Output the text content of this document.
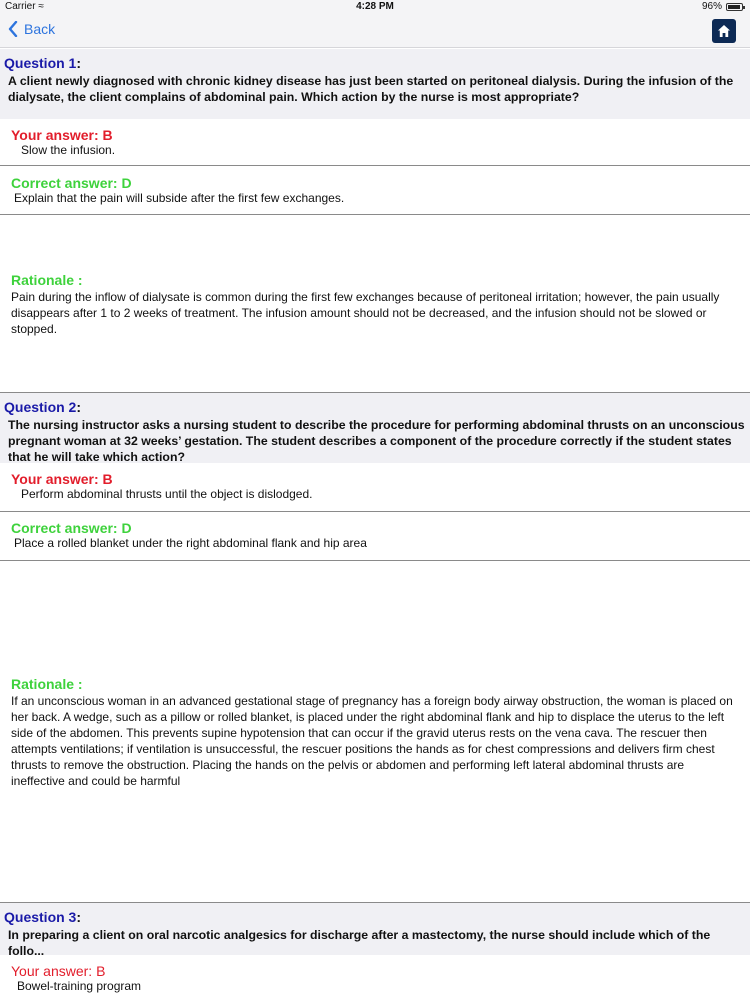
Carrier ≈	4:28 PM	96%
Back
Question 1:
A client newly diagnosed with chronic kidney disease has just been started on peritoneal dialysis. During the infusion of the dialysate, the client complains of abdominal pain. Which action by the nurse is most appropriate?
Your answer: B
Slow the infusion.
Correct answer: D
Explain that the pain will subside after the first few exchanges.
Rationale :
Pain during the inflow of dialysate is common during the first few exchanges because of peritoneal irritation; however, the pain usually disappears after 1 to 2 weeks of treatment. The infusion amount should not be decreased, and the infusion should not be slowed or stopped.
Question 2:
The nursing instructor asks a nursing student to describe the procedure for performing abdominal thrusts on an unconscious pregnant woman at 32 weeks’ gestation. The student describes a component of the procedure correctly if the student states that he will take which action?
Your answer: B
Perform abdominal thrusts until the object is dislodged.
Correct answer: D
Place a rolled blanket under the right abdominal flank and hip area
Rationale :
If an unconscious woman in an advanced gestational stage of pregnancy has a foreign body airway obstruction, the woman is placed on her back. A wedge, such as a pillow or rolled blanket, is placed under the right abdominal flank and hip to displace the uterus to the left side of the abdomen. This prevents supine hypotension that can occur if the gravid uterus rests on the vena cava. The rescuer then attempts ventilations; if ventilation is unsuccessful, the rescuer positions the hands as for chest compressions and delivers firm chest thrusts to remove the obstruction. Placing the hands on the pelvis or abdomen and performing left lateral abdominal thrusts are ineffective and could be harmful
Question 3:
In preparing a client on oral narcotic analgesics for discharge after a mastectomy, the nurse should include which of the follo...
Your answer: B
Bowel-training program
